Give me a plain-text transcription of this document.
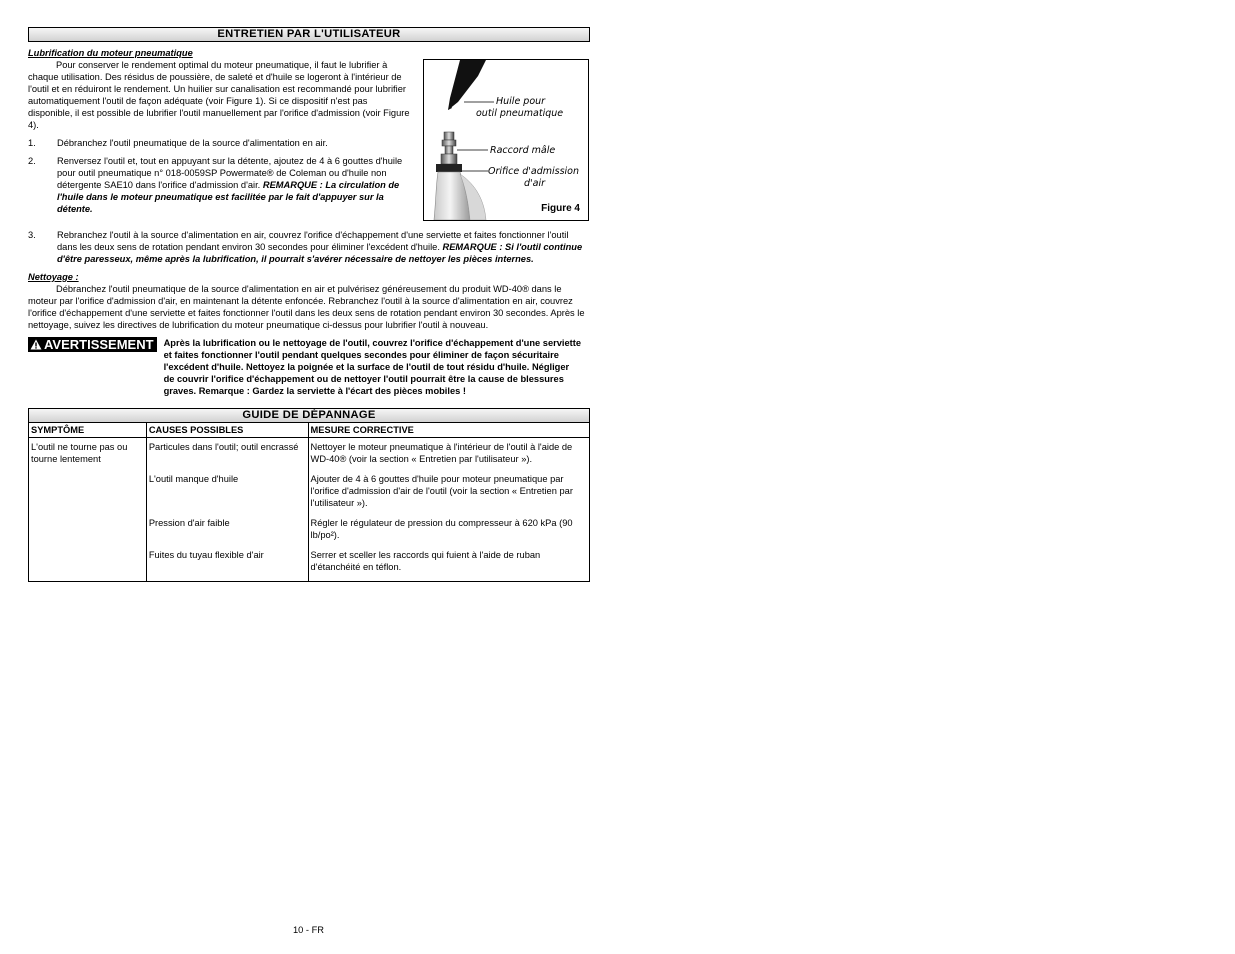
ENTRETIEN PAR L'UTILISATEUR
Lubrification du moteur pneumatique

Pour conserver le rendement optimal du moteur pneumatique, il faut le lubrifier à chaque utilisation. Des résidus de poussière, de saleté et d'huile se logeront à l'intérieur de l'outil et en réduiront le rendement. Un huilier sur canalisation est recommandé pour lubrifier automatiquement l'outil de façon adéquate (voir Figure 1). Si ce dispositif n'est pas disponible, il est possible de lubrifier l'outil manuellement par l'orifice d'admission (voir Figure 4).

1.	Débranchez l'outil pneumatique de la source d'alimentation en air.
2.	Renversez l'outil et, tout en appuyant sur la détente, ajoutez de 4 à 6 gouttes d'huile pour outil pneumatique n° 018-0059SP Powermate® de Coleman ou d'huile non détergente SAE10 dans l'orifice d'admission d'air. REMARQUE : La circulation de l'huile dans le moteur pneumatique est facilitée par le fait d'appuyer sur la détente.
Huile pour
outil pneumatique
Raccord mâle
Orifice d'admission
d'air
Figure 4
3.	Rebranchez l'outil à la source d'alimentation en air, couvrez l'orifice d'échappement d'une serviette et faites fonctionner l'outil dans les deux sens de rotation pendant environ 30 secondes pour éliminer l'excédent d'huile. REMARQUE : Si l'outil continue d'être paresseux, même après la lubrification, il pourrait s'avérer nécessaire de nettoyer les pièces internes.
Nettoyage :

Débranchez l'outil pneumatique de la source d'alimentation en air et pulvérisez généreusement du produit WD-40® dans le moteur par l'orifice d'admission d'air, en maintenant la détente enfoncée. Rebranchez l'outil à la source d'alimentation en air, couvrez l'orifice d'échappement d'une serviette et faites fonctionner l'outil dans les deux sens de rotation pendant environ 30 secondes. Après le nettoyage, suivez les directives de lubrification du moteur pneumatique ci-dessus pour lubrifier l'outil à nouveau.

AVERTISSEMENT Après la lubrification ou le nettoyage de l'outil, couvrez l'orifice d'échappement d'une serviette et faites fonctionner l'outil pendant quelques secondes pour éliminer de façon sécuritaire l'excédent d'huile. Nettoyez la poignée et la surface de l'outil de tout résidu d'huile. Négliger de couvrir l'orifice d'échappement ou de nettoyer l'outil pourrait être la cause de blessures graves. Remarque : Gardez la serviette à l'écart des pièces mobiles !
GUIDE DE DÉPANNAGE
SYMPTÔME	CAUSES POSSIBLES	MESURE CORRECTIVE
L'outil ne tourne pas ou tourne lentement	Particules dans l'outil; outil encrassé	Nettoyer le moteur pneumatique à l'intérieur de l'outil à l'aide de WD-40® (voir la section « Entretien par l'utilisateur »).
	L'outil manque d'huile	Ajouter de 4 à 6 gouttes d'huile pour moteur pneumatique par l'orifice d'admission d'air de l'outil (voir la section « Entretien par l'utilisateur »).
	Pression d'air faible	Régler le régulateur de pression du compresseur à 620 kPa (90 lb/po²).
	Fuites du tuyau flexible d'air	Serrer et sceller les raccords qui fuient à l'aide de ruban d'étanchéité en téflon.
10 - FR
